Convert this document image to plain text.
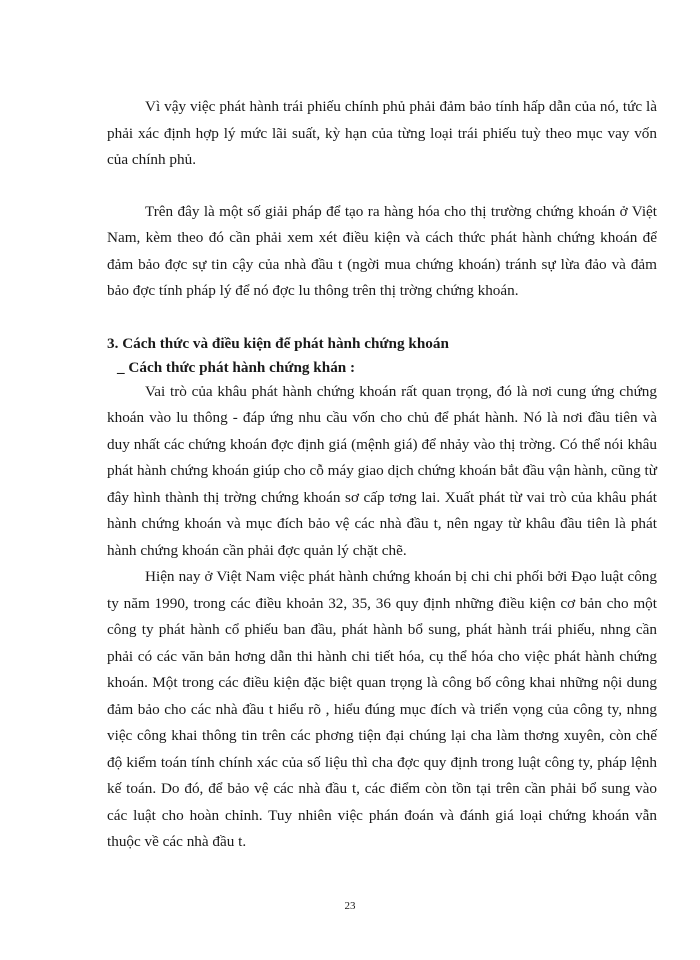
Vì vậy việc phát hành trái phiếu chính phủ phải đảm bảo tính hấp dẫn của nó, tức là phải xác định hợp lý mức lãi suất, kỳ hạn của từng loại trái phiếu tuỳ theo mục vay vốn của chính phủ.

Trên đây là một số giải pháp để tạo ra hàng hóa cho thị trường chứng khoán ở Việt Nam, kèm theo đó cần phải xem xét điều kiện và cách thức phát hành chứng khoán để đảm bảo đợc sự tin cậy của nhà đầu t (ngời mua chứng khoán) tránh sự lừa đảo và đảm bảo đợc tính pháp lý để nó đợc lu thông trên thị trờng chứng khoán.

3. Cách thức và điều kiện để phát hành chứng khoán

_ Cách thức phát hành chứng khán :

Vai trò của khâu phát hành chứng khoán rất quan trọng, đó là nơi cung ứng chứng khoán vào lu thông - đáp ứng nhu cầu vốn cho chủ để phát hành. Nó là nơi đầu tiên và duy nhất các chứng khoán đợc định giá (mệnh giá) để nhảy vào thị trờng. Có thể nói khâu phát hành chứng khoán giúp cho cỗ máy giao dịch chứng khoán bắt đầu vận hành, cũng từ đây hình thành thị trờng chứng khoán sơ cấp tơng lai. Xuất phát từ vai trò của khâu phát hành chứng khoán và mục đích bảo vệ các nhà đầu t, nên ngay từ khâu đầu tiên là phát hành chứng khoán cần phải đợc quản lý chặt chẽ.

Hiện nay ở Việt Nam việc phát hành chứng khoán bị chi chi phối bởi Đạo luật công ty năm 1990, trong các điều khoản 32, 35, 36 quy định những điều kiện cơ bản cho một công ty phát hành cổ phiếu ban đầu, phát hành bổ sung, phát hành trái phiếu, nhng cần phải có các văn bản hơng dẫn thi hành chi tiết hóa, cụ thể hóa cho việc phát hành chứng khoán. Một trong các điều kiện đặc biệt quan trọng là công bố công khai những nội dung đảm bảo cho các nhà đầu t hiểu rõ , hiểu đúng mục đích và triển vọng của công ty, nhng việc công khai thông tin trên các phơng tiện đại chúng lại cha làm thơng xuyên, còn chế độ kiểm toán tính chính xác của số liệu thì cha đợc quy định trong luật công ty, pháp lệnh kế toán. Do đó, để bảo vệ các nhà đầu t, các điểm còn tồn tại trên cần phải bổ sung vào các luật cho hoàn chỉnh. Tuy nhiên việc phán đoán và đánh giá loại chứng khoán vẫn thuộc về các nhà đầu t.

23
